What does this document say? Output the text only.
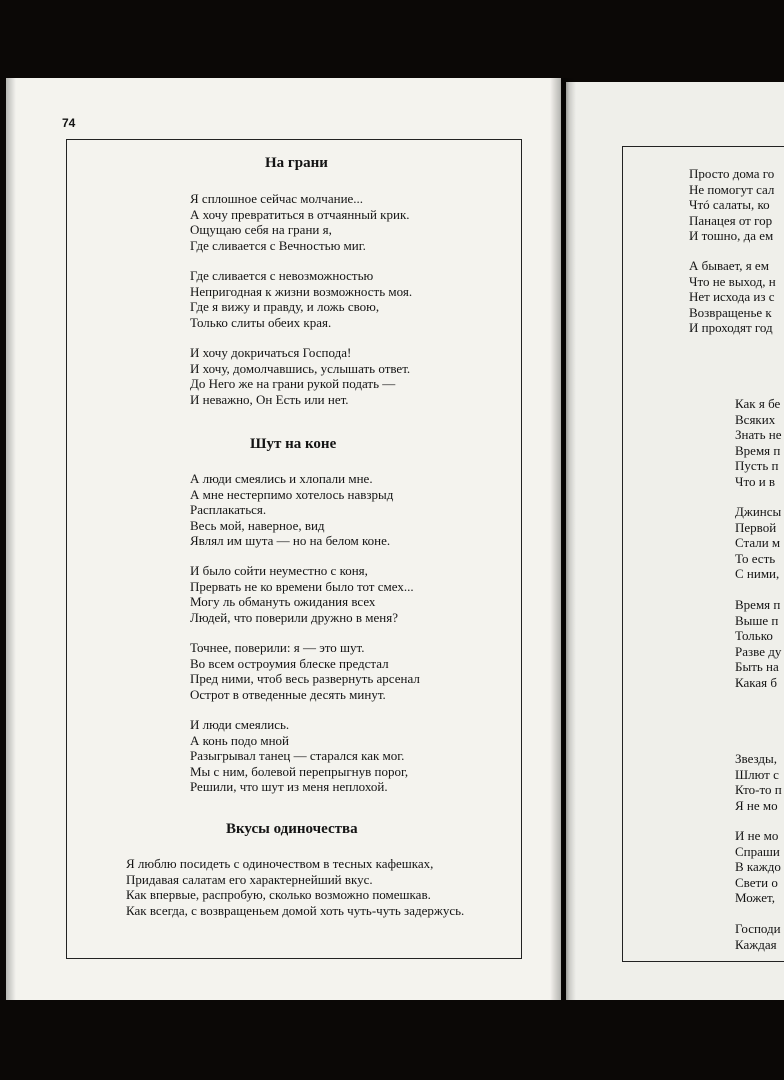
74
На грани
Я сплошное сейчас молчание...
А хочу превратиться в отчаянный крик.
Ощущаю себя на грани я,
Где сливается с Вечностью миг.
Где сливается с невозможностью
Непригодная к жизни возможность моя.
Где я вижу и правду, и ложь свою,
Только слиты обеих края.
И хочу докричаться Господа!
И хочу, домолчавшись, услышать ответ.
До Него же на грани рукой подать —
И неважно, Он Есть или нет.
Шут на коне
А люди смеялись и хлопали мне.
А мне нестерпимо хотелось навзрыд
Расплакаться.
Весь мой, наверное, вид
Являл им шута — но на белом коне.
И было сойти неуместно с коня,
Прервать не ко времени было тот смех...
Могу ль обмануть ожидания всех
Людей, что поверили дружно в меня?
Точнее, поверили: я — это шут.
Во всем остроумия блеске предстал
Пред ними, чтоб весь развернуть арсенал
Острот в отведенные десять минут.
И люди смеялись.
А конь подо мной
Разыгрывал танец — старался как мог.
Мы с ним, болевой перепрыгнув порог,
Решили, что шут из меня неплохой.
Вкусы одиночества
Я люблю посидеть с одиночеством в тесных кафешках,
Придавая салатам его характернейший вкус.
Как впервые, распробую, сколько возможно помешкав.
Как всегда, с возвращеньем домой хоть чуть-чуть задержусь.
Просто дома го
Не помогут сал
Чтó салаты, ко
Панацея от гор
И тошно, да ем
А бывает, я ем
Что не выход, н
Нет исхода из с
Возвращенье к
И проходят год
Как я бе
Всяких
Знать не
Время п
Пусть п
Что и в
Джинсы
Первой
Стали м
То есть
С ними,
Время п
Выше п
Только
Разве ду
Быть на
Какая б
Звезды,
Шлют с
Кто-то п
Я не мо
И не мо
Спраши
В каждо
Свети о
Может,
Господи
Каждая
